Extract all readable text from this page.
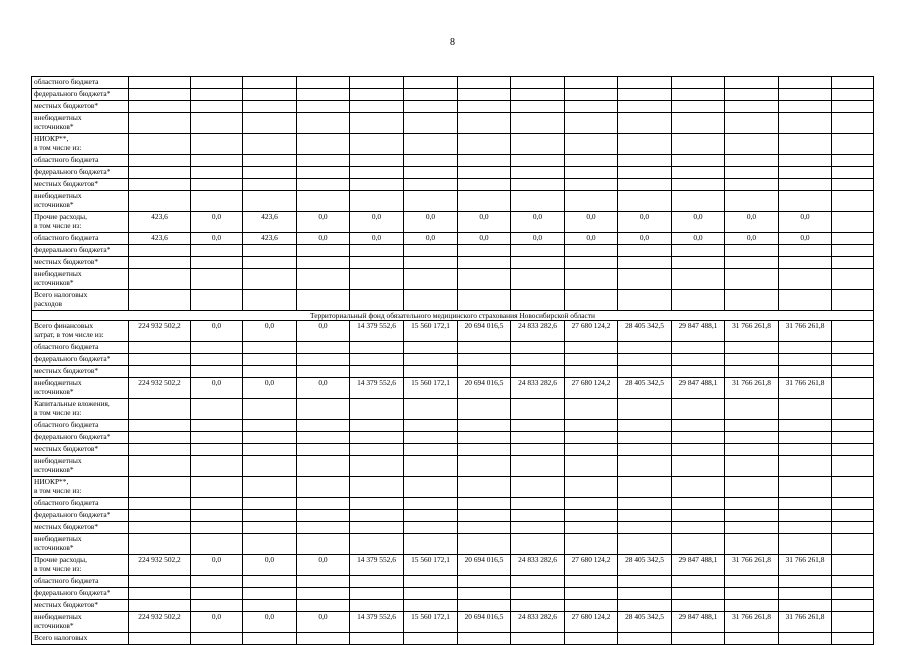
8
областного бюджета														

федерального бюджета*														

местных бюджетов*														

внебюджетных
источников*														

НИОКР**,
в том числе из:														

областного бюджета														

федерального бюджета*														

местных бюджетов*														

внебюджетных
источников*														

Прочие расходы,
в том числе из:	423,6	0,0	423,6	0,0	0,0	0,0	0,0	0,0	0,0	0,0	0,0	0,0	0,0	

областного бюджета	423,6	0,0	423,6	0,0	0,0	0,0	0,0	0,0	0,0	0,0	0,0	0,0	0,0	

федерального бюджета*														

местных бюджетов*														

внебюджетных
источников*														

Всего налоговых
расходов														

Территориальный фонд обязательного медицинского страхования Новосибирской области														

Всего финансовых
затрат, в том числе из:	224 932 502,2	0,0	0,0	0,0	14 379 552,6	15 560 172,1	20 694 016,5	24 833 282,6	27 680 124,2	28 405 342,5	29 847 488,1	31 766 261,8	31 766 261,8	

областного бюджета														

федерального бюджета*														

местных бюджетов*														

внебюджетных
источников*	224 932 502,2	0,0	0,0	0,0	14 379 552,6	15 560 172,1	20 694 016,5	24 833 282,6	27 680 124,2	28 405 342,5	29 847 488,1	31 766 261,8	31 766 261,8	

Капитальные вложения,
в том числе из:														

областного бюджета														

федерального бюджета*														

местных бюджетов*														

внебюджетных
источников*														

НИОКР**,
в том числе из:														

областного бюджета														

федерального бюджета*														

местных бюджетов*														

внебюджетных
источников*														

Прочие расходы,
в том числе из:	224 932 502,2	0,0	0,0	0,0	14 379 552,6	15 560 172,1	20 694 016,5	24 833 282,6	27 680 124,2	28 405 342,5	29 847 488,1	31 766 261,8	31 766 261,8	

областного бюджета														

федерального бюджета*														

местных бюджетов*														

внебюджетных
источников*	224 932 502,2	0,0	0,0	0,0	14 379 552,6	15 560 172,1	20 694 016,5	24 833 282,6	27 680 124,2	28 405 342,5	29 847 488,1	31 766 261,8	31 766 261,8	

Всего налоговых														
